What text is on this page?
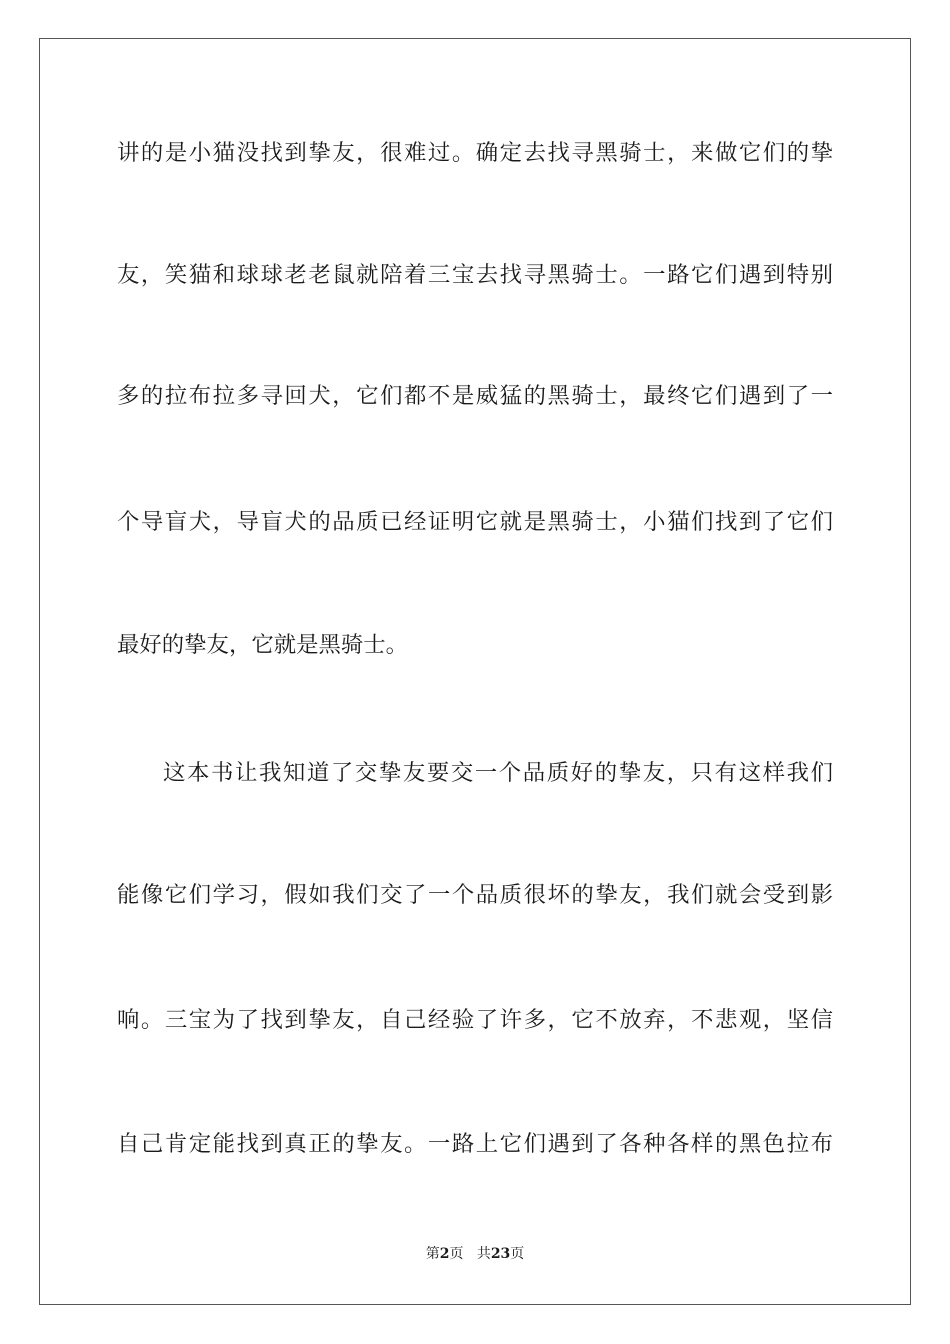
讲的是小猫没找到挚友，很难过。确定去找寻黑骑士，来做它们的挚
友，笑猫和球球老老鼠就陪着三宝去找寻黑骑士。一路它们遇到特别
多的拉布拉多寻回犬，它们都不是威猛的黑骑士，最终它们遇到了一
个导盲犬，导盲犬的品质已经证明它就是黑骑士，小猫们找到了它们
最好的挚友，它就是黑骑士。
这本书让我知道了交挚友要交一个品质好的挚友，只有这样我们
能像它们学习，假如我们交了一个品质很坏的挚友，我们就会受到影
响。三宝为了找到挚友，自己经验了许多，它不放弃，不悲观，坚信
自己肯定能找到真正的挚友。一路上它们遇到了各种各样的黑色拉布
第2页 共23页
